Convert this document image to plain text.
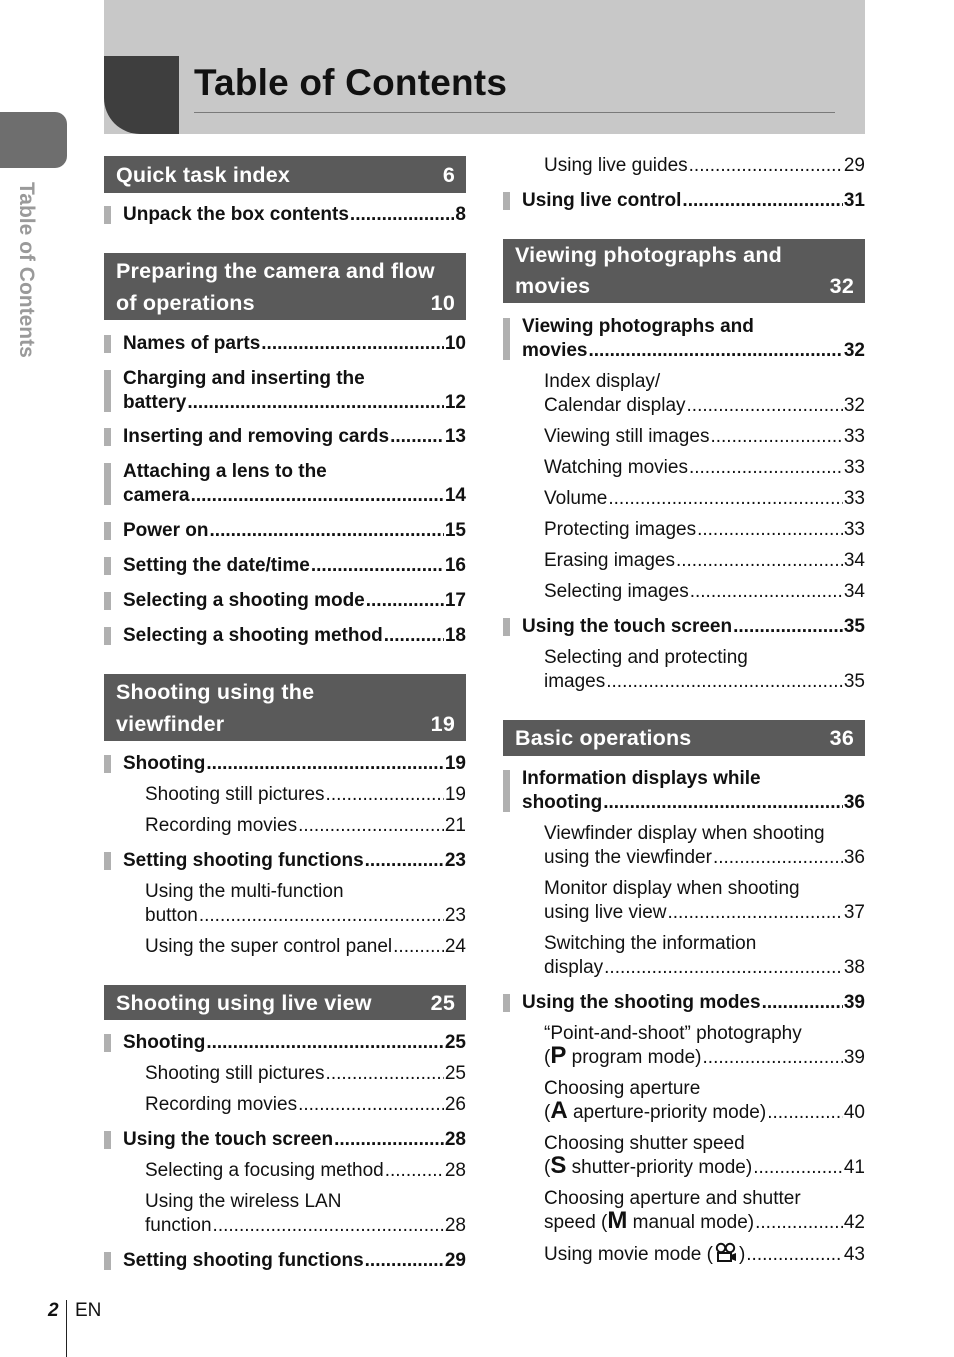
Table of Contents
Table of Contents
Quick task index	6
Unpack the box contents .....	8
Preparing the camera and flow of operations	10
Names of parts .....	10
Charging and inserting the
battery .....	12
Inserting and removing cards .....	13
Attaching a lens to the
camera .....	14
Power on .....	15
Setting the date/time .....	16
Selecting a shooting mode .....	17
Selecting a shooting method .....	18
Shooting using the viewfinder	19
Shooting .....	19
Shooting still pictures .....	19
Recording movies .....	21
Setting shooting functions .....	23
Using the multi-function
button .....	23
Using the super control panel .....	24
Shooting using live view	25
Shooting .....	25
Shooting still pictures .....	25
Recording movies .....	26
Using the touch screen .....	28
Selecting a focusing method .....	28
Using the wireless LAN
function .....	28
Setting shooting functions .....	29
Using live guides .....	29
Using live control .....	31
Viewing photographs and movies	32
Viewing photographs and
movies .....	32
Index display/
Calendar display .....	32
Viewing still images .....	33
Watching movies .....	33
Volume .....	33
Protecting images .....	33
Erasing images .....	34
Selecting images .....	34
Using the touch screen .....	35
Selecting and protecting
images .....	35
Basic operations	36
Information displays while
shooting .....	36
Viewfinder display when shooting
using the viewfinder .....	36
Monitor display when shooting
using live view .....	37
Switching the information
display .....	38
Using the shooting modes .....	39
“Point-and-shoot” photography
(P program mode) .....	39
Choosing aperture
(A aperture-priority mode) .....	40
Choosing shutter speed
(S shutter-priority mode) .....	41
Choosing aperture and shutter
speed (M manual mode) .....	42
Using movie mode ( ) .....	43
2 EN
